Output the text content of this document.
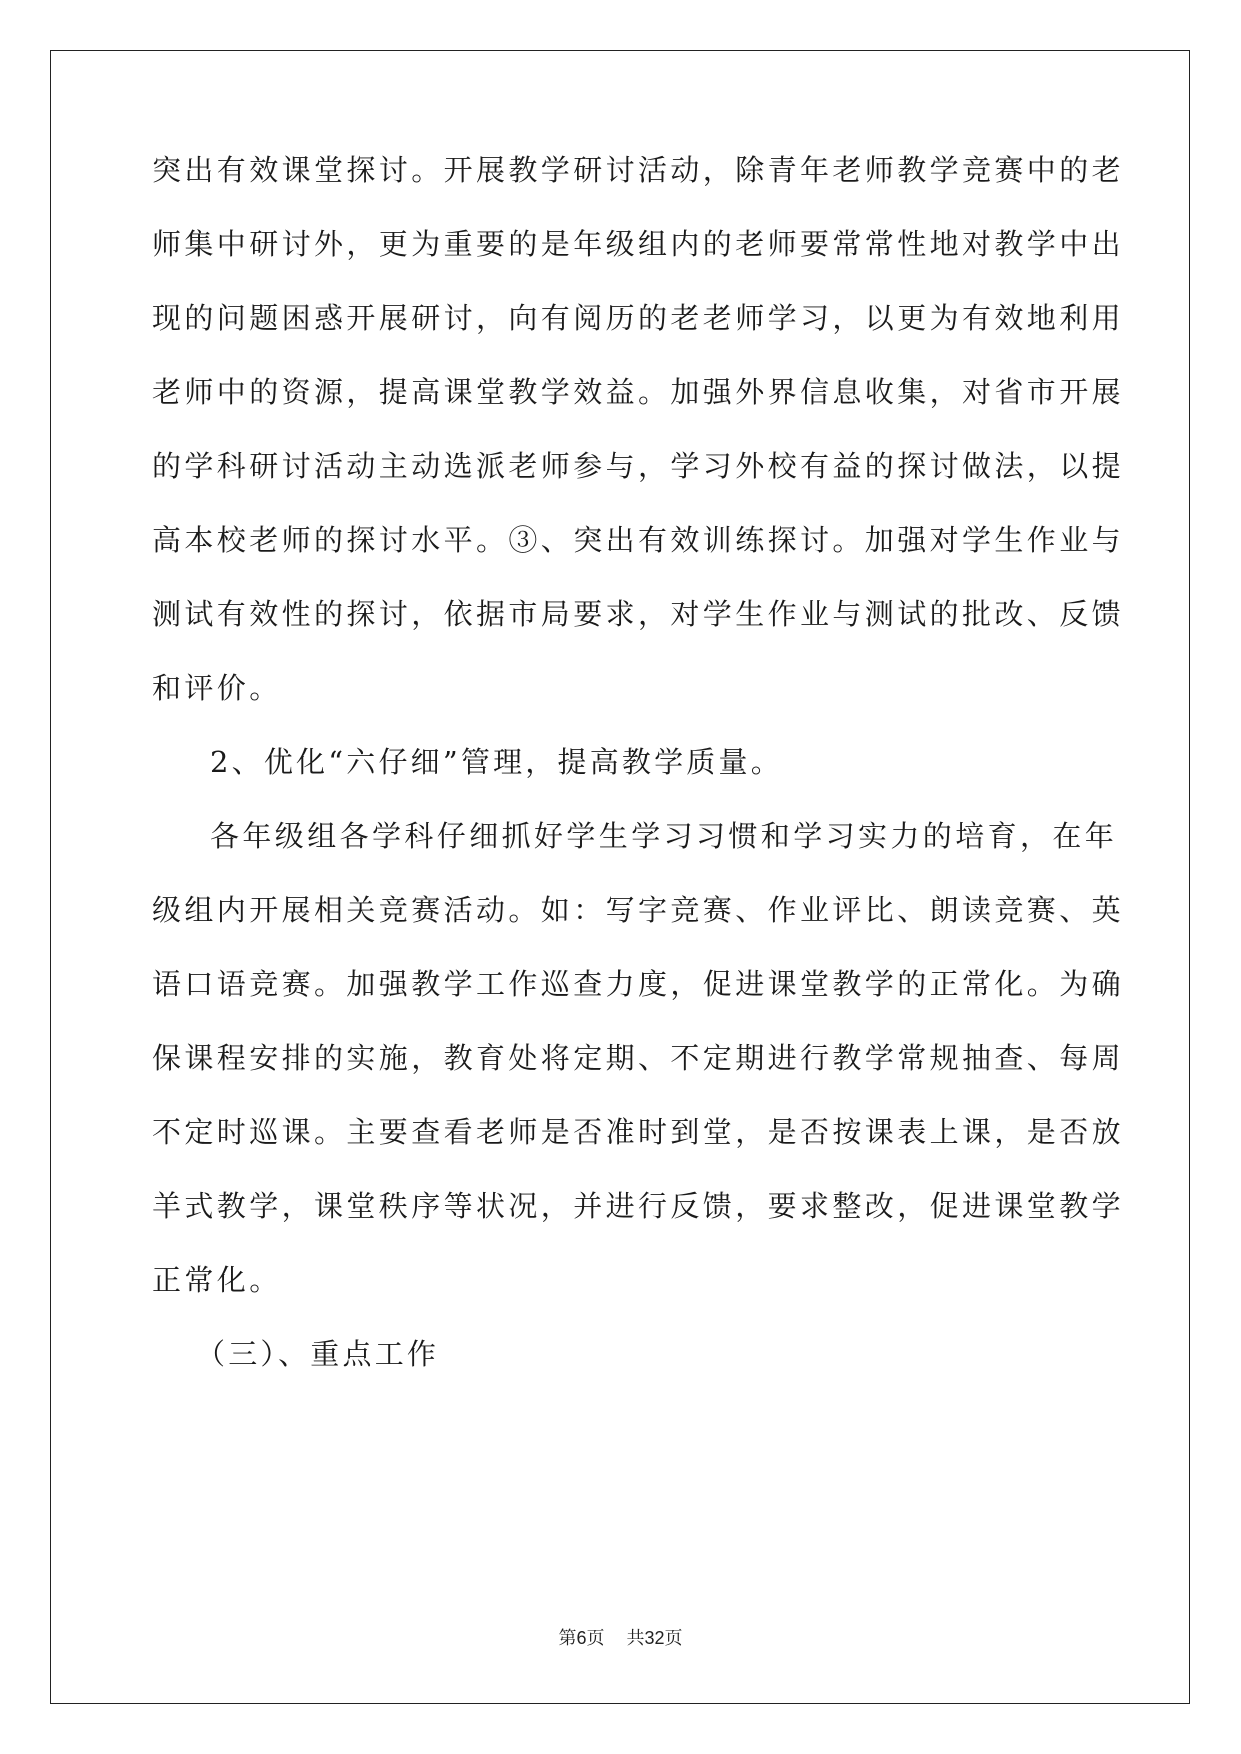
突出有效课堂探讨。开展教学研讨活动，除青年老师教学竞赛中的老
师集中研讨外，更为重要的是年级组内的老师要常常性地对教学中出
现的问题困惑开展研讨，向有阅历的老老师学习，以更为有效地利用
老师中的资源，提高课堂教学效益。加强外界信息收集，对省市开展
的学科研讨活动主动选派老师参与，学习外校有益的探讨做法，以提
高本校老师的探讨水平。③、突出有效训练探讨。加强对学生作业与
测试有效性的探讨，依据市局要求，对学生作业与测试的批改、反馈
和评价。
2、优化“六仔细”管理，提高教学质量。
各年级组各学科仔细抓好学生学习习惯和学习实力的培育，在年
级组内开展相关竞赛活动。如：写字竞赛、作业评比、朗读竞赛、英
语口语竞赛。加强教学工作巡查力度，促进课堂教学的正常化。为确
保课程安排的实施，教育处将定期、不定期进行教学常规抽查、每周
不定时巡课。主要查看老师是否准时到堂，是否按课表上课，是否放
羊式教学，课堂秩序等状况，并进行反馈，要求整改，促进课堂教学
正常化。
（三）、重点工作
第6页 共32页
